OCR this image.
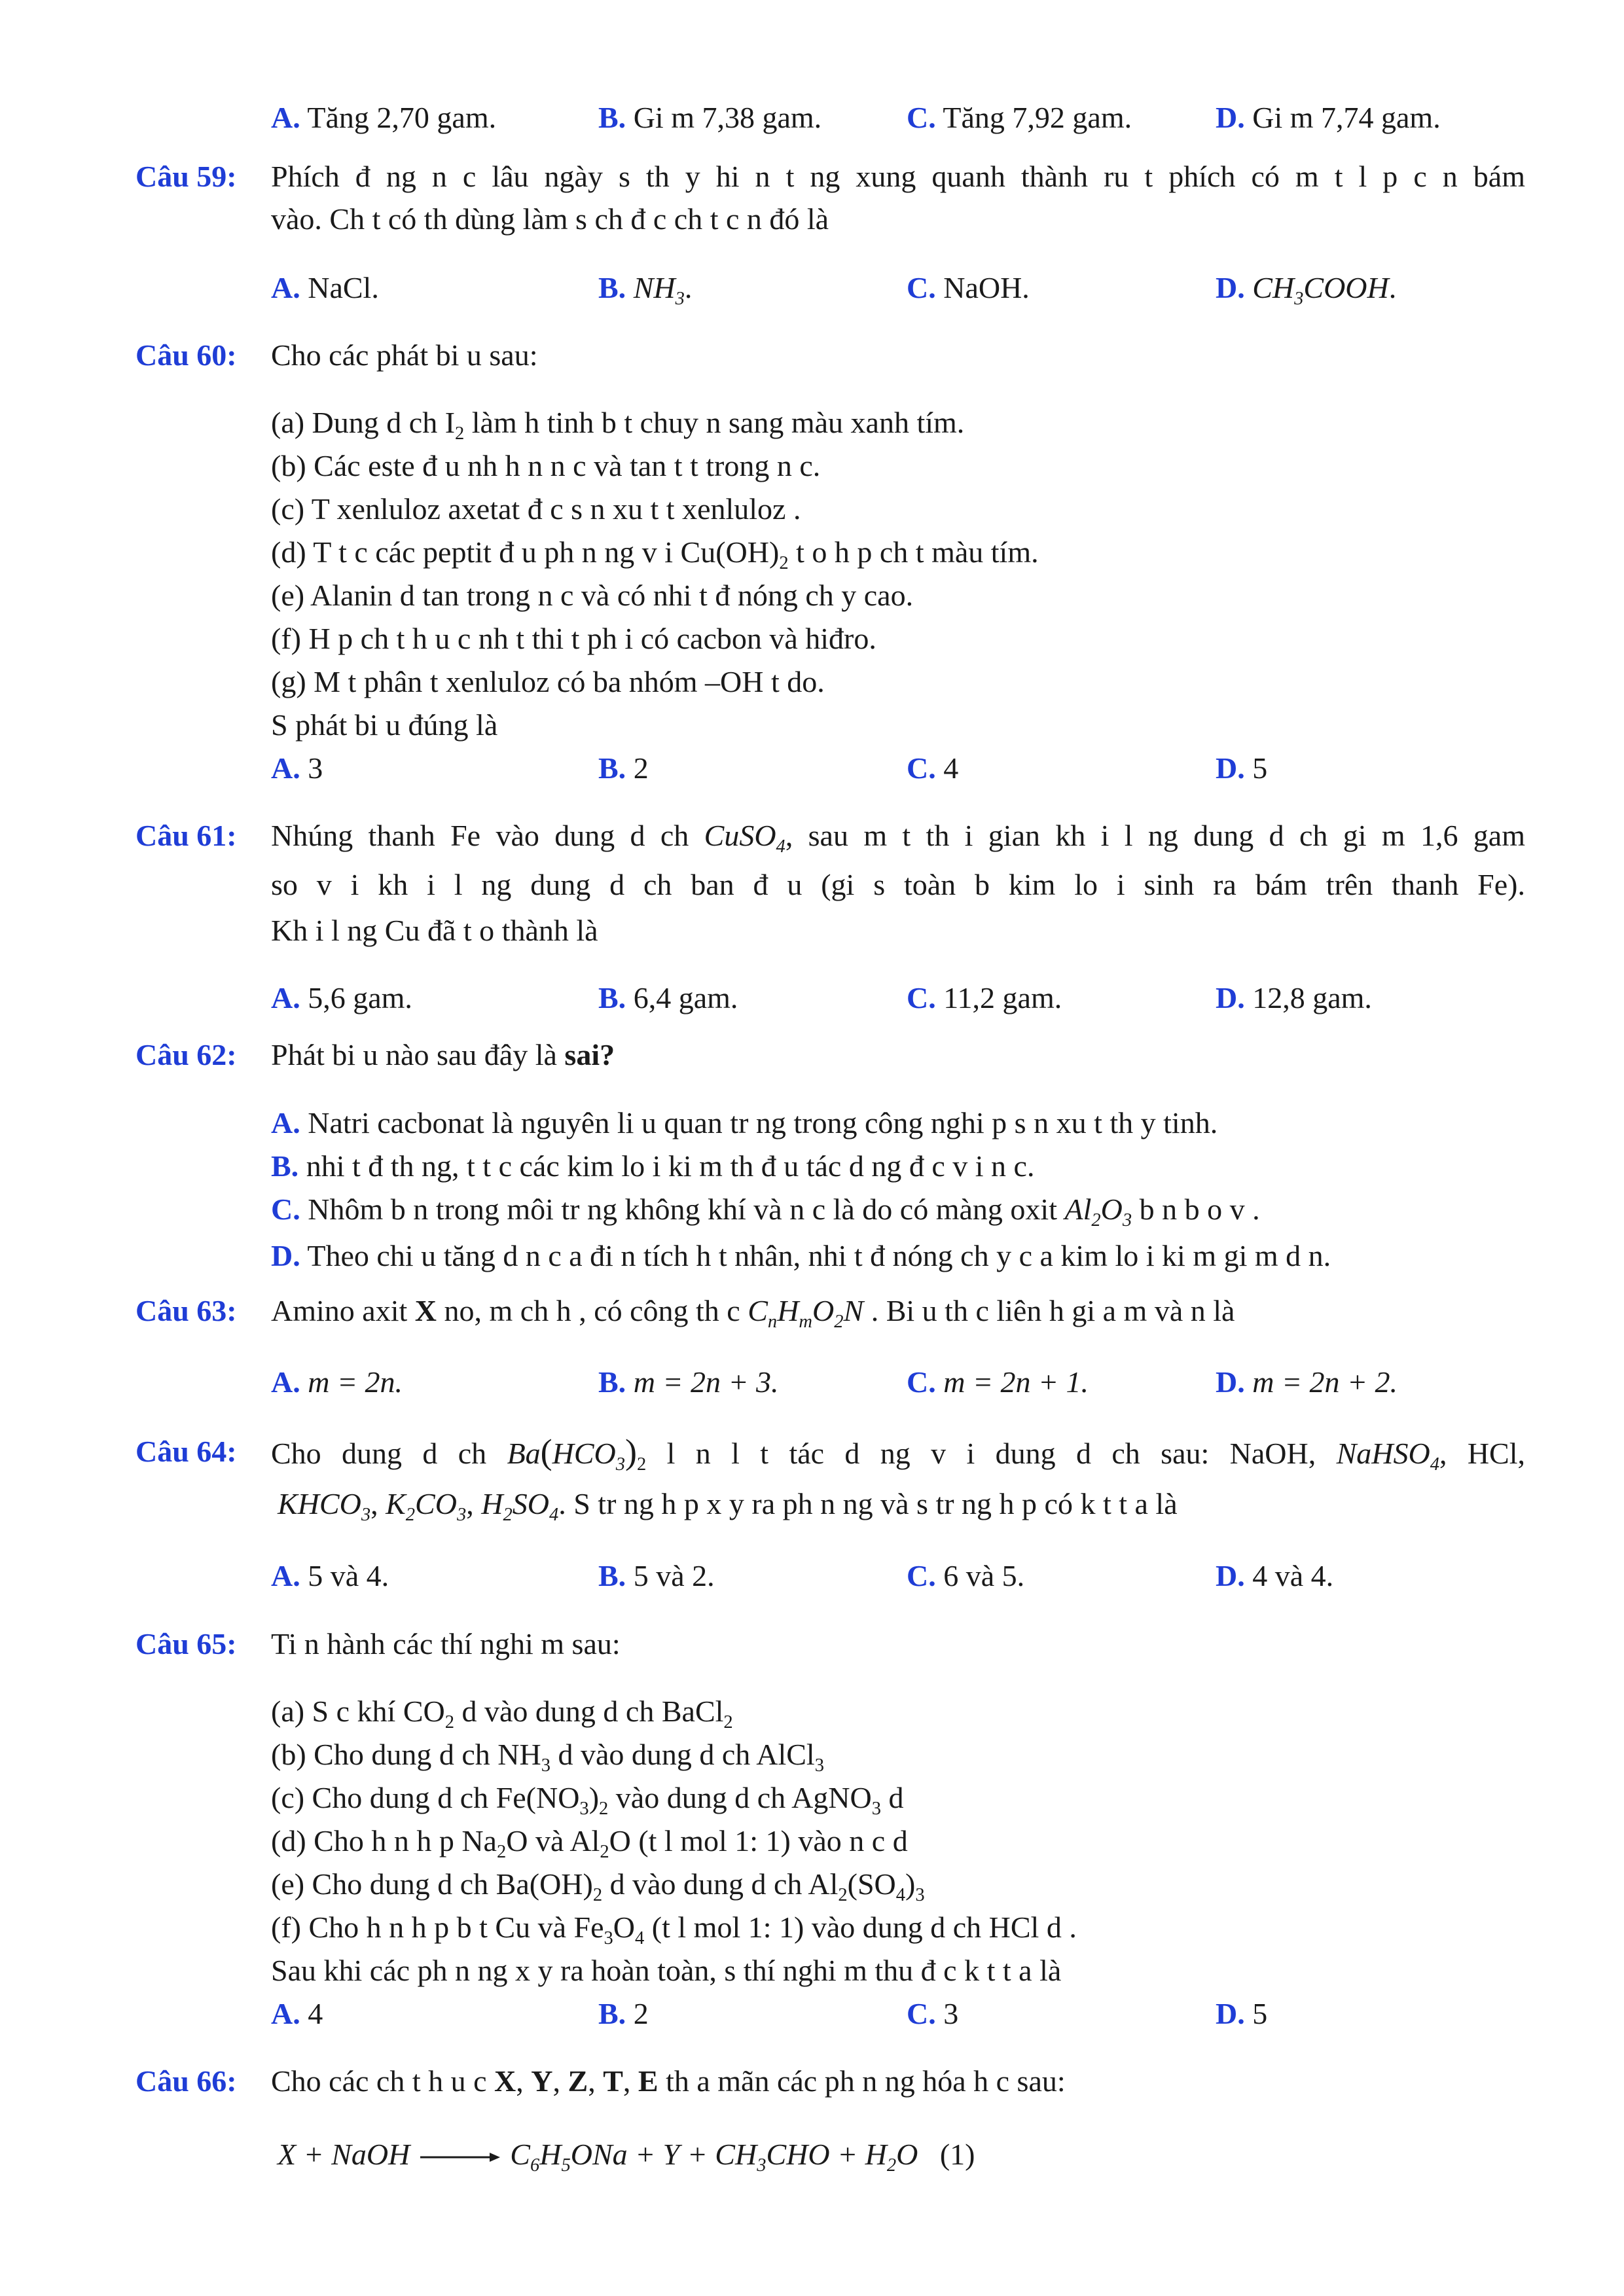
A. Tăng 2,70 gam.	B. Gi m 7,38 gam.	C. Tăng 7,92 gam.	D. Gi m 7,74 gam.
Câu 59: Phích đ ng n c lâu ngày s th y hi n t ng xung quanh thành ru t phích có m t l p c n bám
vào. Ch t có th dùng làm s ch đ c ch t c n đó là
A. NaCl.	B. $NH_3$.	C. NaOH.	D. $CH_3COOH$.
Câu 60: Cho các phát bi u sau:
(a) Dung d ch $I_2$ làm h tinh b t chuy n sang màu xanh tím.
(b) Các este đ u nh h n n c và tan t t trong n c.
(c) T xenluloz axetat đ c s n xu t t xenluloz .
(d) T t c các peptit đ u ph n ng v i $Cu(OH)_2$ t o h p ch t màu tím.
(e) Alanin d tan trong n c và có nhi t đ nóng ch y cao.
(f) H p ch t h u c nh t thi t ph i có cacbon và hiđro.
(g) M t phân t xenluloz có ba nhóm –OH t do.
S phát bi u đúng là
A. 3	B. 2	C. 4	D. 5
Câu 61: Nhúng thanh Fe vào dung d ch CuSO$_4$, sau m t th i gian kh i l ng dung d ch gi m 1,6 gam
so v i kh i l ng dung d ch ban đ u (gi s toàn b kim lo i sinh ra bám trên thanh Fe).
Kh i l ng Cu đã t o thành là
A. 5,6 gam.	B. 6,4 gam.	C. 11,2 gam.	D. 12,8 gam.
Câu 62: Phát bi u nào sau đây là sai?
A. Natri cacbonat là nguyên li u quan tr ng trong công nghi p s n xu t th y tinh.
B. nhi t đ th ng, t t c các kim lo i ki m th đ u tác d ng đ c v i n c.
C. Nhôm b n trong môi tr ng không khí và n c là do có màng oxit $Al_2O_3$ b n b o v .
D. Theo chi u tăng d n c a đi n tích h t nhân, nhi t đ nóng ch y c a kim lo i ki m gi m d n.
Câu 63: Amino axit X no, m ch h , có công th c $C_nH_mO_2N$ . Bi u th c liên h gi a m và n là
A. m = 2n.	B. m = 2n + 3.	C. m = 2n + 1.	D. m = 2n + 2.
Câu 64: Cho dung d ch $Ba(HCO_3)_2$ l n l t tác d ng v i dung d ch sau: NaOH, NaHSO$_4$, HCl,
$KHCO_3$, $K_2CO_3$, $H_2SO_4$. S tr ng h p x y ra ph n ng và s tr ng h p có k t t a là
A. 5 và 4.	B. 5 và 2.	C. 6 và 5.	D. 4 và 4.
Câu 65: Ti n hành các thí nghi m sau:
(a) S c khí $CO_2$ d vào dung d ch BaCl$_2$
(b) Cho dung d ch $NH_3$ d vào dung d ch AlCl$_3$
(c) Cho dung d ch $Fe(NO_3)_2$ vào dung d ch AgNO$_3$ d
(d) Cho h n h p $Na_2O$ và $Al_2O$ (t l mol 1: 1) vào n c d
(e) Cho dung d ch $Ba(OH)_2$ d vào dung d ch $Al_2(SO_4)_3$
(f) Cho h n h p b t Cu và $Fe_3O_4$ (t l mol 1: 1) vào dung d ch HCl d .
Sau khi các ph n ng x y ra hoàn toàn, s thí nghi m thu đ c k t t a là
A. 4	B. 2	C. 3	D. 5
Câu 66: Cho các ch t h u c X, Y, Z, T, E th a mãn các ph n ng hóa h c sau:
X + NaOH → $C_6H_5ONa + Y + CH_3CHO + H_2O$ (1)
